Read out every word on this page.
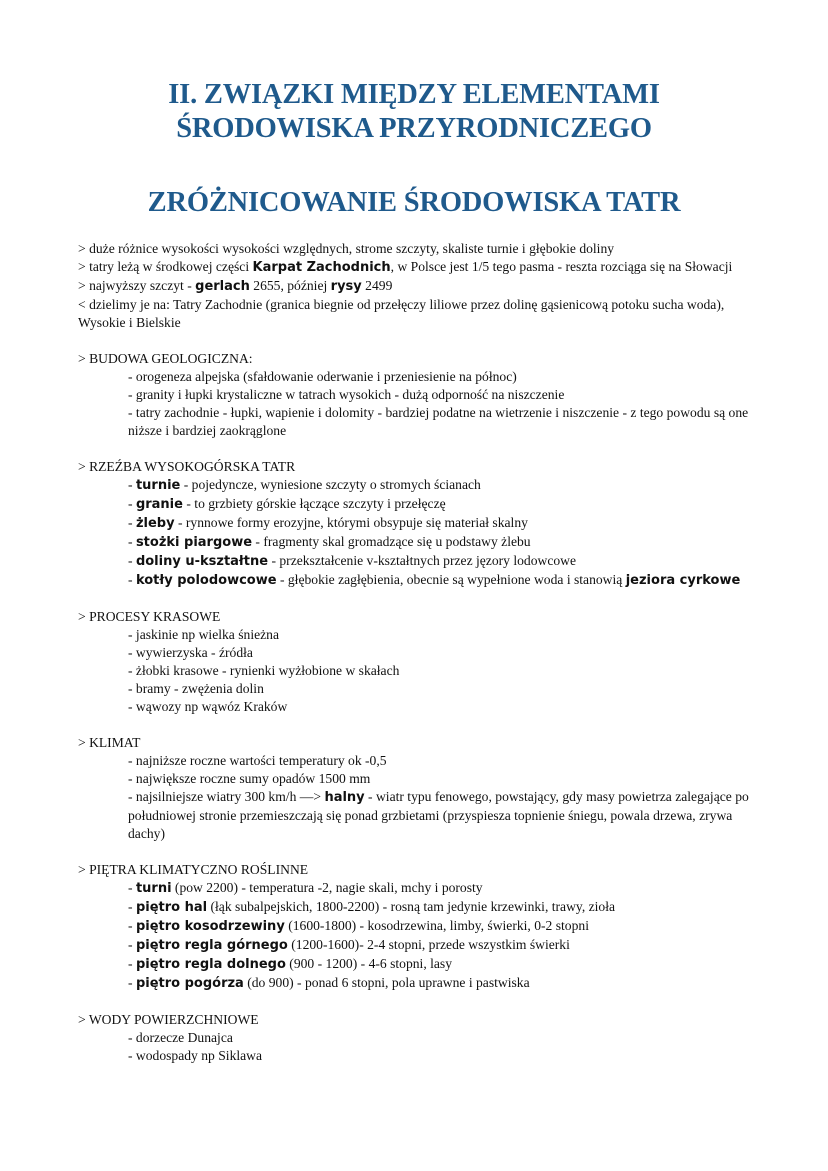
II. ZWIĄZKI MIĘDZY ELEMENTAMI
ŚRODOWISKA PRZYRODNICZEGO
ZRÓŻNICOWANIE ŚRODOWISKA TATR

> duże różnice wysokości wysokości względnych, strome szczyty, skaliste turnie i głębokie doliny

> tatry leżą w środkowej części Karpat Zachodnich, w Polsce jest 1/5 tego pasma - reszta rozciąga się na Słowacji

> najwyższy szczyt - gerlach 2655, później rysy 2499

< dzielimy je na: Tatry Zachodnie (granica biegnie od przełęczy liliowe przez dolinę gąsienicową potoku sucha woda), Wysokie i Bielskie

> BUDOWA GEOLOGICZNA:

- orogeneza alpejska (sfałdowanie oderwanie i przeniesienie na północ)

- granity i łupki krystaliczne w tatrach wysokich - dużą odporność na niszczenie

- tatry zachodnie - łupki, wapienie i dolomity - bardziej podatne na wietrzenie i niszczenie - z tego powodu są one niższe i bardziej zaokrąglone

> RZEŹBA WYSOKOGÓRSKA TATR

- turnie - pojedyncze, wyniesione szczyty o stromych ścianach

- granie - to grzbiety górskie łączące szczyty i przełęczę

- żleby - rynnowe formy erozyjne, którymi obsypuje się materiał skalny

- stożki piargowe - fragmenty skal gromadzące się u podstawy żlebu

- doliny u-kształtne - przekształcenie v-kształtnych przez jęzory lodowcowe

- kotły polodowcowe - głębokie zagłębienia, obecnie są wypełnione woda i stanowią jeziora cyrkowe

> PROCESY KRASOWE

- jaskinie np wielka śnieżna

- wywierzyska - źródła

- żłobki krasowe - rynienki wyżłobione w skałach

- bramy - zwężenia dolin

- wąwozy np wąwóz Kraków

> KLIMAT

- najniższe roczne wartości temperatury ok -0,5

- największe roczne sumy opadów 1500 mm

- najsilniejsze wiatry 300 km/h —> halny - wiatr typu fenowego, powstający, gdy masy powietrza zalegające po południowej stronie przemieszczają się ponad grzbietami (przyspiesza topnienie śniegu, powala drzewa, zrywa dachy)

> PIĘTRA KLIMATYCZNO ROŚLINNE

- turni (pow 2200) - temperatura -2, nagie skali, mchy i porosty

- piętro hal (łąk subalpejskich, 1800-2200) - rosną tam jedynie krzewinki, trawy, zioła

- piętro kosodrzewiny (1600-1800) - kosodrzewina, limby, świerki, 0-2 stopni

- piętro regla górnego (1200-1600)- 2-4 stopni, przede wszystkim świerki

- piętro regla dolnego (900 - 1200) - 4-6 stopni, lasy

- piętro pogórza (do 900) - ponad 6 stopni, pola uprawne i pastwiska

> WODY POWIERZCHNIOWE

- dorzecze Dunajca

- wodospady np Siklawa
